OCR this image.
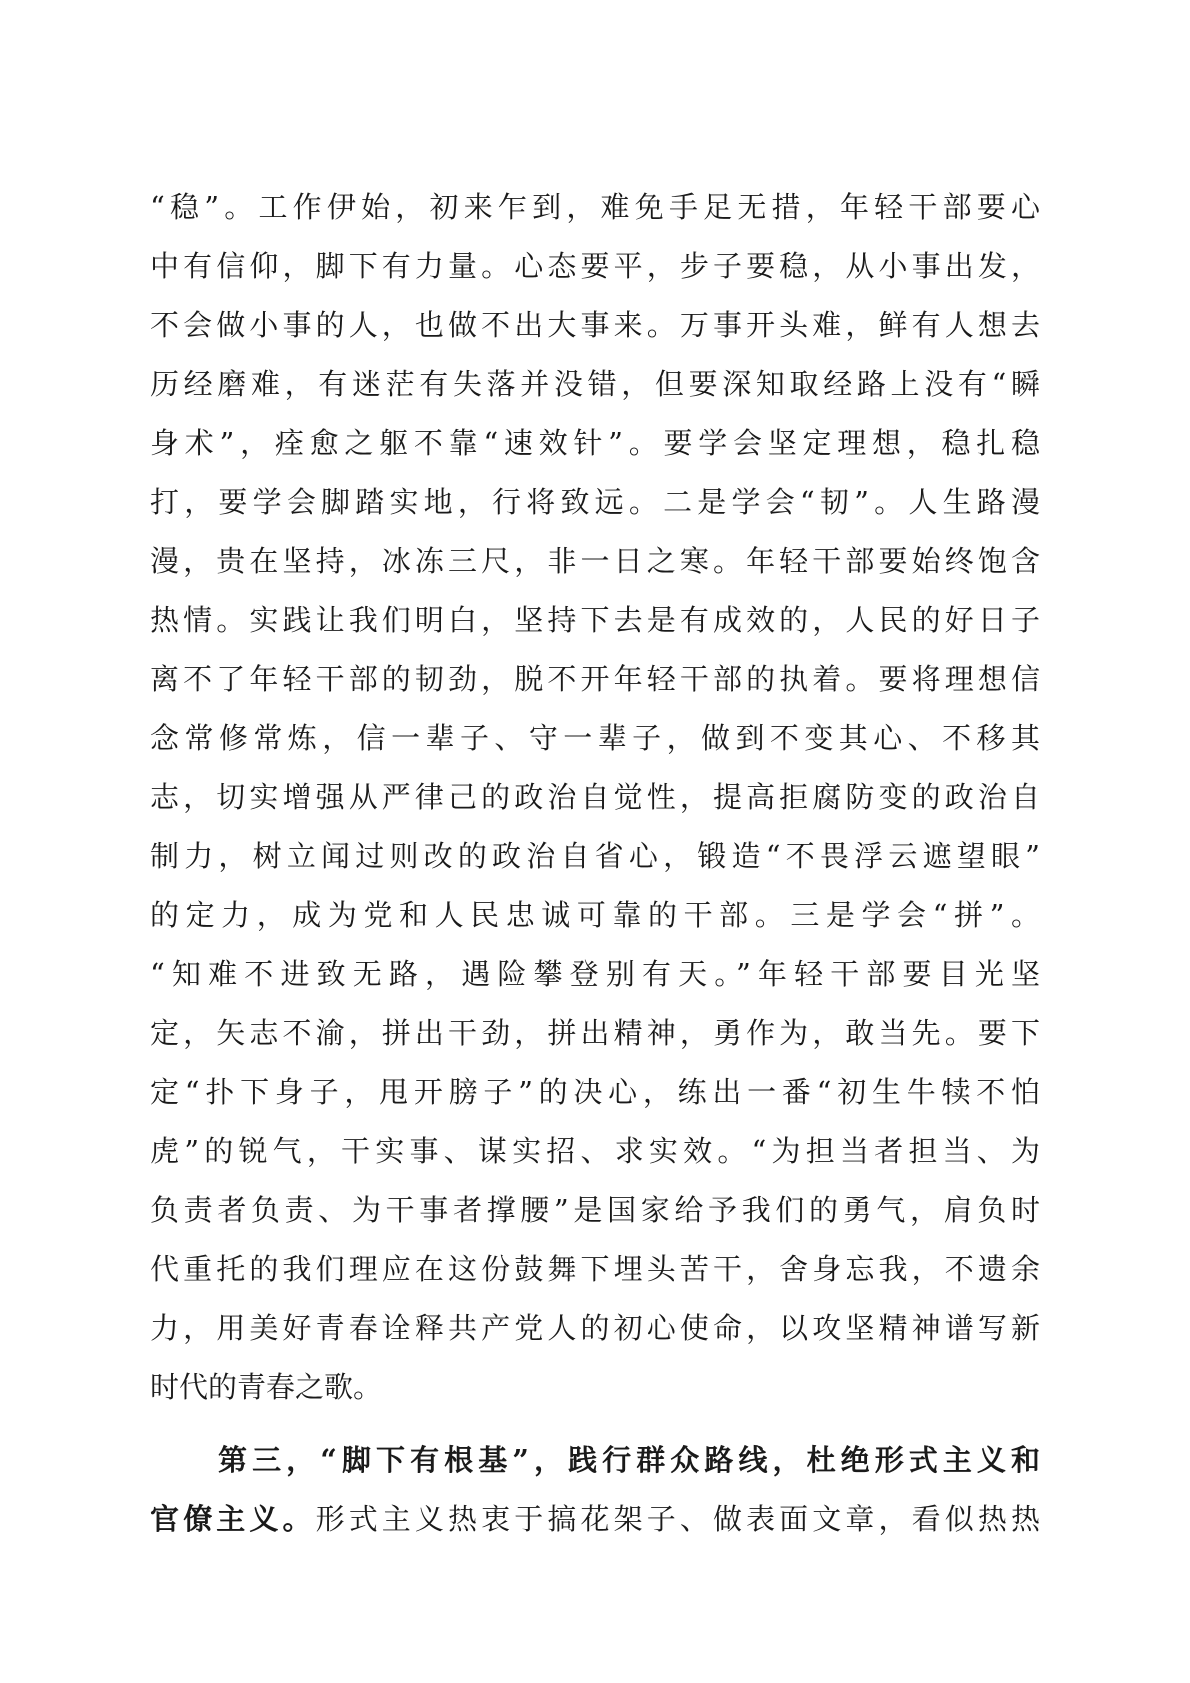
“稳”。工作伊始，初来乍到，难免手足无措，年轻干部要心
中有信仰，脚下有力量。心态要平，步子要稳，从小事出发，
不会做小事的人，也做不出大事来。万事开头难，鲜有人想去
历经磨难，有迷茫有失落并没错，但要深知取经路上没有“瞬
身术”，痊愈之躯不靠“速效针”。要学会坚定理想，稳扎稳
打，要学会脚踏实地，行将致远。二是学会“韧”。人生路漫
漫，贵在坚持，冰冻三尺，非一日之寒。年轻干部要始终饱含
热情。实践让我们明白，坚持下去是有成效的，人民的好日子
离不了年轻干部的韧劲，脱不开年轻干部的执着。要将理想信
念常修常炼，信一辈子、守一辈子，做到不变其心、不移其
志，切实增强从严律己的政治自觉性，提高拒腐防变的政治自
制力，树立闻过则改的政治自省心，锻造“不畏浮云遮望眼”
的定力，成为党和人民忠诚可靠的干部。三是学会“拼”。
“知难不进致无路，遇险攀登别有天。”年轻干部要目光坚
定，矢志不渝，拼出干劲，拼出精神，勇作为，敢当先。要下
定“扑下身子，甩开膀子”的决心，练出一番“初生牛犊不怕
虎”的锐气，干实事、谋实招、求实效。“为担当者担当、为
负责者负责、为干事者撑腰”是国家给予我们的勇气，肩负时
代重托的我们理应在这份鼓舞下埋头苦干，舍身忘我，不遗余
力，用美好青春诠释共产党人的初心使命，以攻坚精神谱写新
时代的青春之歌。
第三，“脚下有根基”，践行群众路线，杜绝形式主义和
官僚主义。形式主义热衷于搞花架子、做表面文章，看似热热
